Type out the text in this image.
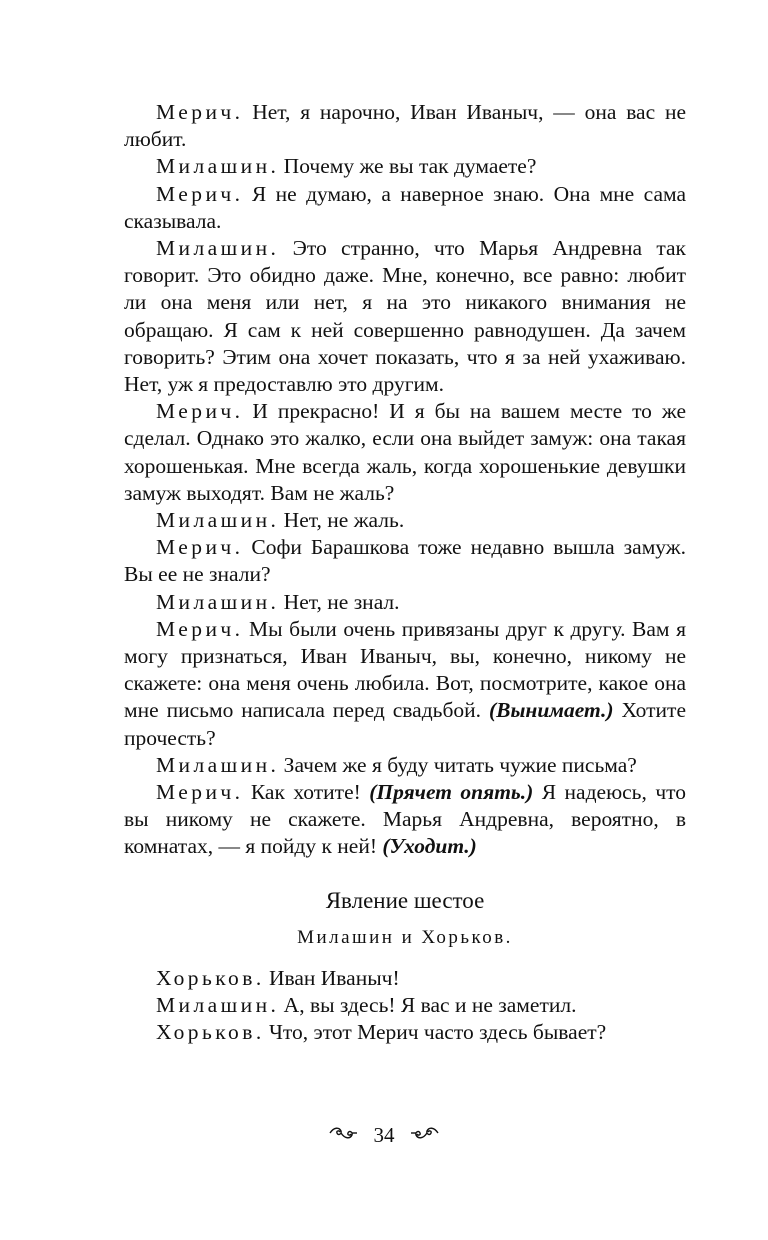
Мерич. Нет, я нарочно, Иван Иваныч, — она вас не любит.

Милашин. Почему же вы так думаете?

Мерич. Я не думаю, а наверное знаю. Она мне сама сказывала.

Милашин. Это странно, что Марья Андревна так говорит. Это обидно даже. Мне, конечно, все равно: любит ли она меня или нет, я на это никакого внимания не обращаю. Я сам к ней совершенно равнодушен. Да зачем говорить? Этим она хочет показать, что я за ней ухаживаю. Нет, уж я предоставлю это другим.

Мерич. И прекрасно! И я бы на вашем месте то же сделал. Однако это жалко, если она выйдет замуж: она такая хорошенькая. Мне всегда жаль, когда хорошенькие девушки замуж выходят. Вам не жаль?

Милашин. Нет, не жаль.

Мерич. Софи Барашкова тоже недавно вышла замуж. Вы ее не знали?

Милашин. Нет, не знал.

Мерич. Мы были очень привязаны друг к другу. Вам я могу признаться, Иван Иваныч, вы, конечно, никому не скажете: она меня очень любила. Вот, посмотрите, какое она мне письмо написала перед свадьбой. (Вынимает.) Хотите прочесть?

Милашин. Зачем же я буду читать чужие письма?

Мерич. Как хотите! (Прячет опять.) Я надеюсь, что вы никому не скажете. Марья Андревна, вероятно, в комнатах, — я пойду к ней! (Уходит.)

Явление шестое
Милашин и Хорьков.

Хорьков. Иван Иваныч!

Милашин. А, вы здесь! Я вас и не заметил.

Хорьков. Что, этот Мерич часто здесь бывает?

34
